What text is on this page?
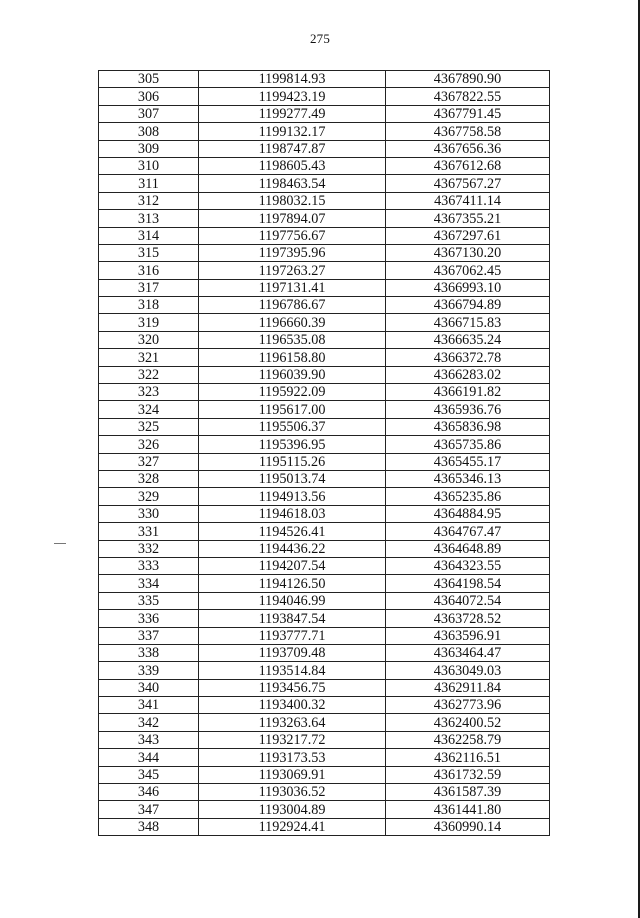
275
305	1199814.93	4367890.90
306	1199423.19	4367822.55
307	1199277.49	4367791.45
308	1199132.17	4367758.58
309	1198747.87	4367656.36
310	1198605.43	4367612.68
311	1198463.54	4367567.27
312	1198032.15	4367411.14
313	1197894.07	4367355.21
314	1197756.67	4367297.61
315	1197395.96	4367130.20
316	1197263.27	4367062.45
317	1197131.41	4366993.10
318	1196786.67	4366794.89
319	1196660.39	4366715.83
320	1196535.08	4366635.24
321	1196158.80	4366372.78
322	1196039.90	4366283.02
323	1195922.09	4366191.82
324	1195617.00	4365936.76
325	1195506.37	4365836.98
326	1195396.95	4365735.86
327	1195115.26	4365455.17
328	1195013.74	4365346.13
329	1194913.56	4365235.86
330	1194618.03	4364884.95
331	1194526.41	4364767.47
332	1194436.22	4364648.89
333	1194207.54	4364323.55
334	1194126.50	4364198.54
335	1194046.99	4364072.54
336	1193847.54	4363728.52
337	1193777.71	4363596.91
338	1193709.48	4363464.47
339	1193514.84	4363049.03
340	1193456.75	4362911.84
341	1193400.32	4362773.96
342	1193263.64	4362400.52
343	1193217.72	4362258.79
344	1193173.53	4362116.51
345	1193069.91	4361732.59
346	1193036.52	4361587.39
347	1193004.89	4361441.80
348	1192924.41	4360990.14
